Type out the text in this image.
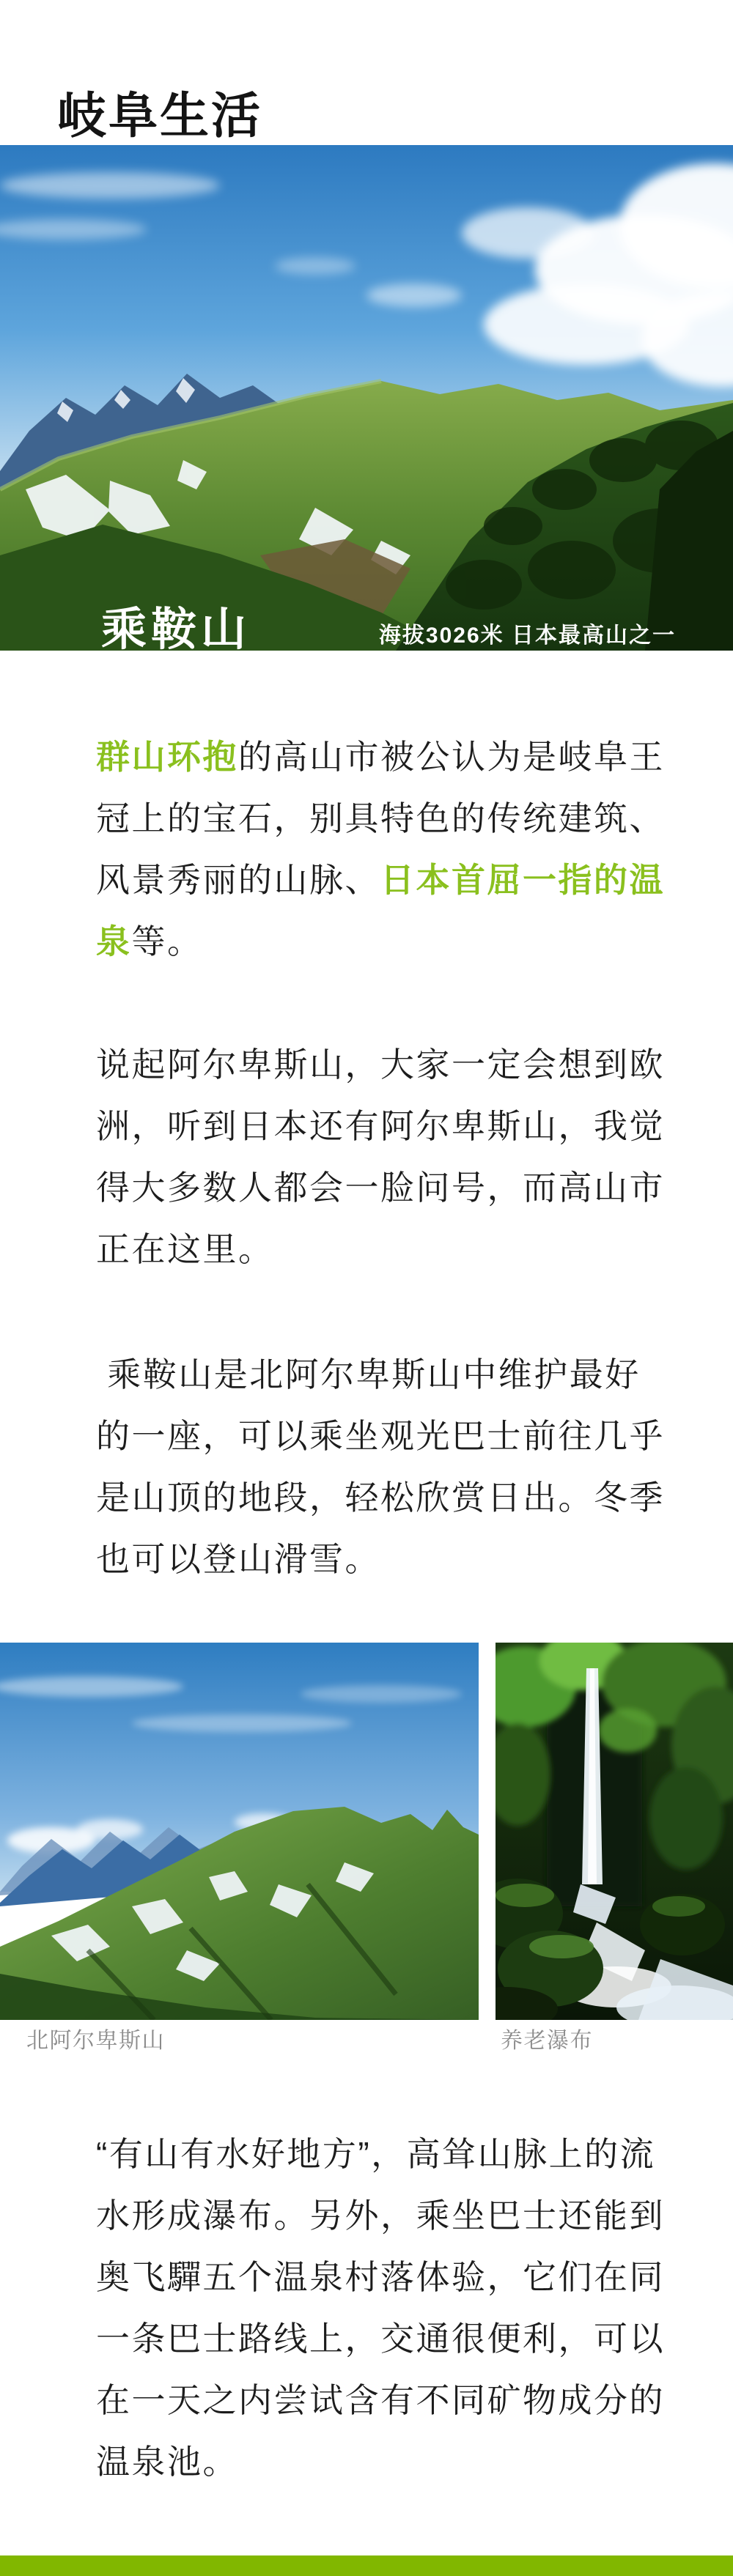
岐阜生活
乘鞍山	海拔3026米 日本最高山之一

群山环抱的高山市被公认为是岐阜王冠上的宝石，别具特色的传统建筑、风景秀丽的山脉、日本首屈一指的温泉等。

说起阿尔卑斯山，大家一定会想到欧洲，听到日本还有阿尔卑斯山，我觉得大多数人都会一脸问号，而高山市正在这里。

乘鞍山是北阿尔卑斯山中维护最好的一座，可以乘坐观光巴士前往几乎是山顶的地段，轻松欣赏日出。冬季也可以登山滑雪。

“有山有水好地方”，高耸山脉上的流水形成瀑布。另外，乘坐巴士还能到奥飞驒五个温泉村落体验，它们在同一条巴士路线上，交通很便利，可以在一天之内尝试含有不同矿物成分的温泉池。

北阿尔卑斯山	养老瀑布
